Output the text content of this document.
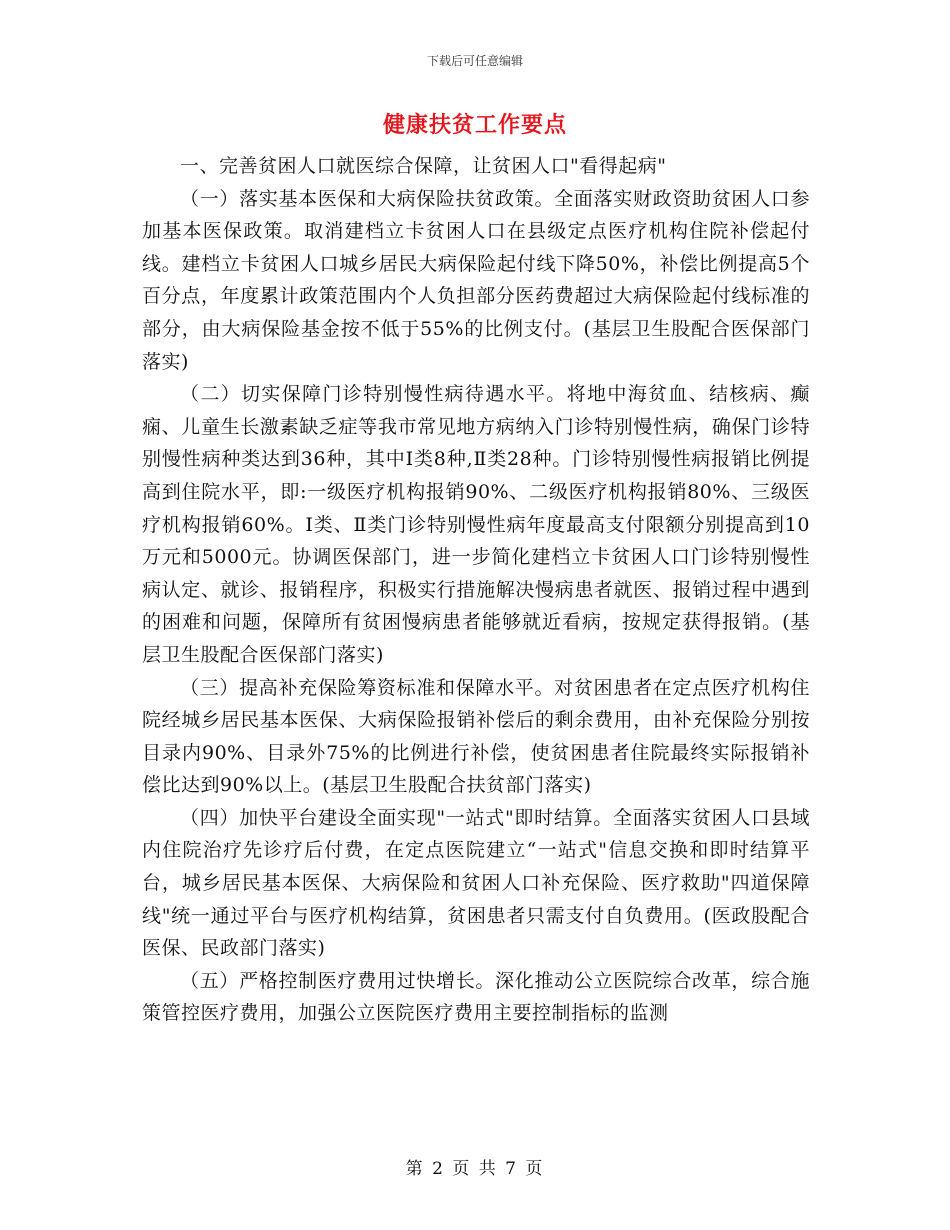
下载后可任意编辑
健康扶贫工作要点

一、完善贫困人口就医综合保障，让贫困人口"看得起病"

（一）落实基本医保和大病保险扶贫政策。全面落实财政资助贫困人口参加基本医保政策。取消建档立卡贫困人口在县级定点医疗机构住院补偿起付线。建档立卡贫困人口城乡居民大病保险起付线下降50%，补偿比例提高5个百分点，年度累计政策范围内个人负担部分医药费超过大病保险起付线标准的部分，由大病保险基金按不低于55%的比例支付。(基层卫生股配合医保部门落实)

（二）切实保障门诊特别慢性病待遇水平。将地中海贫血、结核病、癫痫、儿童生长激素缺乏症等我市常见地方病纳入门诊特别慢性病，确保门诊特别慢性病种类达到36种，其中Ⅰ类8种,Ⅱ类28种。门诊特别慢性病报销比例提高到住院水平，即:一级医疗机构报销90%、二级医疗机构报销80%、三级医疗机构报销60%。Ⅰ类、Ⅱ类门诊特别慢性病年度最高支付限额分别提高到10万元和5000元。协调医保部门，进一步简化建档立卡贫困人口门诊特别慢性病认定、就诊、报销程序，积极实行措施解决慢病患者就医、报销过程中遇到的困难和问题，保障所有贫困慢病患者能够就近看病，按规定获得报销。(基层卫生股配合医保部门落实)

（三）提高补充保险筹资标准和保障水平。对贫困患者在定点医疗机构住院经城乡居民基本医保、大病保险报销补偿后的剩余费用，由补充保险分别按目录内90%、目录外75%的比例进行补偿，使贫困患者住院最终实际报销补偿比达到90%以上。(基层卫生股配合扶贫部门落实)

（四）加快平台建设全面实现"一站式"即时结算。全面落实贫困人口县域内住院治疗先诊疗后付费，在定点医院建立“一站式"信息交换和即时结算平台，城乡居民基本医保、大病保险和贫困人口补充保险、医疗救助"四道保障线"统一通过平台与医疗机构结算，贫困患者只需支付自负费用。(医政股配合医保、民政部门落实)

（五）严格控制医疗费用过快增长。深化推动公立医院综合改革，综合施策管控医疗费用，加强公立医院医疗费用主要控制指标的监测

第 2 页 共 7 页
